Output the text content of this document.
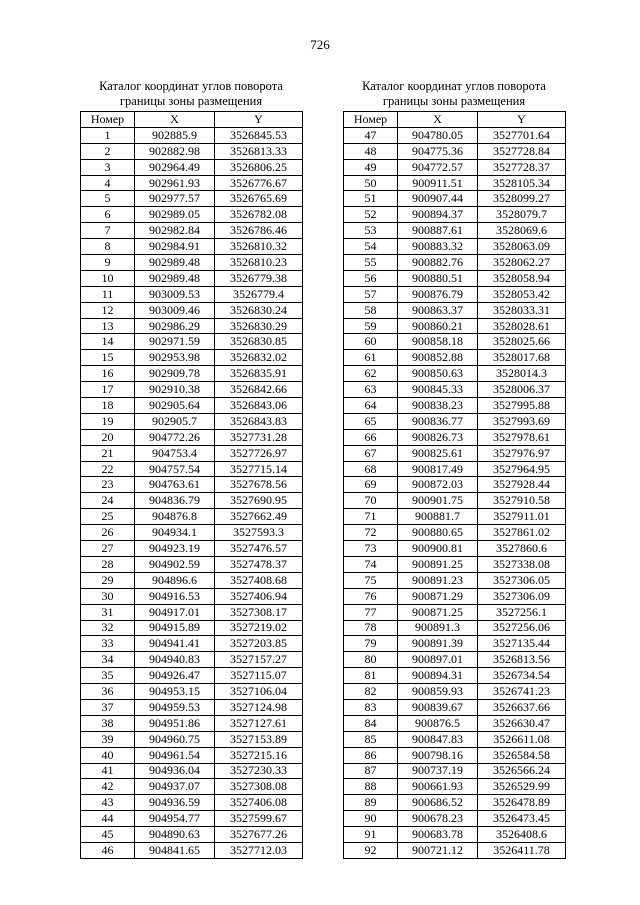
726
Каталог координат углов поворота
границы зоны размещения
Номер	X	Y
1	902885.9	3526845.53
2	902882.98	3526813.33
3	902964.49	3526806.25
4	902961.93	3526776.67
5	902977.57	3526765.69
6	902989.05	3526782.08
7	902982.84	3526786.46
8	902984.91	3526810.32
9	902989.48	3526810.23
10	902989.48	3526779.38
11	903009.53	3526779.4
12	903009.46	3526830.24
13	902986.29	3526830.29
14	902971.59	3526830.85
15	902953.98	3526832.02
16	902909.78	3526835.91
17	902910.38	3526842.66
18	902905.64	3526843.06
19	902905.7	3526843.83
20	904772.26	3527731.28
21	904753.4	3527726.97
22	904757.54	3527715.14
23	904763.61	3527678.56
24	904836.79	3527690.95
25	904876.8	3527662.49
26	904934.1	3527593.3
27	904923.19	3527476.57
28	904902.59	3527478.37
29	904896.6	3527408.68
30	904916.53	3527406.94
31	904917.01	3527308.17
32	904915.89	3527219.02
33	904941.41	3527203.85
34	904940.83	3527157.27
35	904926.47	3527115.07
36	904953.15	3527106.04
37	904959.53	3527124.98
38	904951.86	3527127.61
39	904960.75	3527153.89
40	904961.54	3527215.16
41	904936.04	3527230.33
42	904937.07	3527308.08
43	904936.59	3527406.08
44	904954.77	3527599.67
45	904890.63	3527677.26
46	904841.65	3527712.03
Каталог координат углов поворота
границы зоны размещения
Номер	X	Y
47	904780.05	3527701.64
48	904775.36	3527728.84
49	904772.57	3527728.37
50	900911.51	3528105.34
51	900907.44	3528099.27
52	900894.37	3528079.7
53	900887.61	3528069.6
54	900883.32	3528063.09
55	900882.76	3528062.27
56	900880.51	3528058.94
57	900876.79	3528053.42
58	900863.37	3528033.31
59	900860.21	3528028.61
60	900858.18	3528025.66
61	900852.88	3528017.68
62	900850.63	3528014.3
63	900845.33	3528006.37
64	900838.23	3527995.88
65	900836.77	3527993.69
66	900826.73	3527978.61
67	900825.61	3527976.97
68	900817.49	3527964.95
69	900872.03	3527928.44
70	900901.75	3527910.58
71	900881.7	3527911.01
72	900880.65	3527861.02
73	900900.81	3527860.6
74	900891.25	3527338.08
75	900891.23	3527306.05
76	900871.29	3527306.09
77	900871.25	3527256.1
78	900891.3	3527256.06
79	900891.39	3527135.44
80	900897.01	3526813.56
81	900894.31	3526734.54
82	900859.93	3526741.23
83	900839.67	3526637.66
84	900876.5	3526630.47
85	900847.83	3526611.08
86	900798.16	3526584.58
87	900737.19	3526566.24
88	900661.93	3526529.99
89	900686.52	3526478.89
90	900678.23	3526473.45
91	900683.78	3526408.6
92	900721.12	3526411.78
